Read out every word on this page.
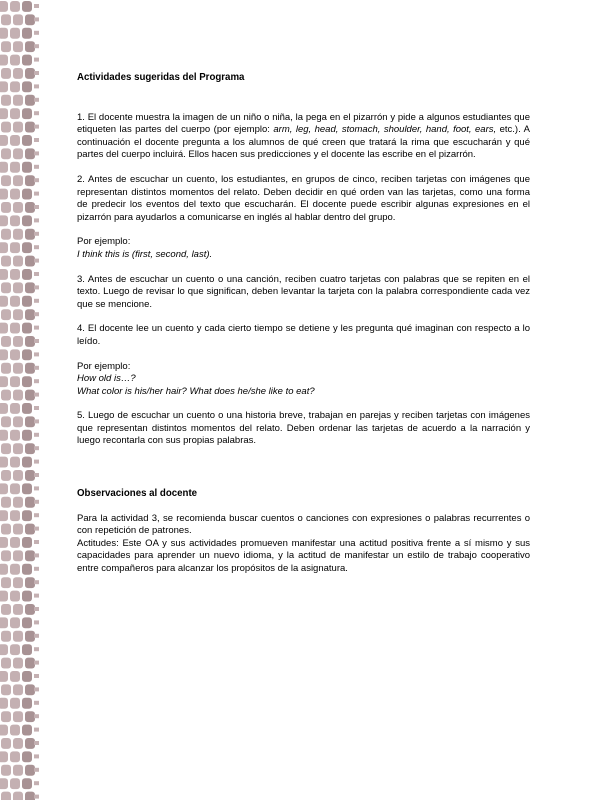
Actividades sugeridas del Programa

1. El docente muestra la imagen de un niño o niña, la pega en el pizarrón y pide a algunos estudiantes que etiqueten las partes del cuerpo (por ejemplo: arm, leg, head, stomach, shoulder, hand, foot, ears, etc.). A continuación el docente pregunta a los alumnos de qué creen que tratará la rima que escucharán y qué partes del cuerpo incluirá. Ellos hacen sus predicciones y el docente las escribe en el pizarrón.

2. Antes de escuchar un cuento, los estudiantes, en grupos de cinco, reciben tarjetas con imágenes que representan distintos momentos del relato. Deben decidir en qué orden van las tarjetas, como una forma de predecir los eventos del texto que escucharán. El docente puede escribir algunas expresiones en el pizarrón para ayudarlos a comunicarse en inglés al hablar dentro del grupo.

Por ejemplo:

I think this is (first, second, last).

3. Antes de escuchar un cuento o una canción, reciben cuatro tarjetas con palabras que se repiten en el texto. Luego de revisar lo que significan, deben levantar la tarjeta con la palabra correspondiente cada vez que se mencione.

4. El docente lee un cuento y cada cierto tiempo se detiene y les pregunta qué imaginan con respecto a lo leído.

Por ejemplo:

How old is…?

What color is his/her hair? What does he/she like to eat?

5. Luego de escuchar un cuento o una historia breve, trabajan en parejas y reciben tarjetas con imágenes que representan distintos momentos del relato. Deben ordenar las tarjetas de acuerdo a la narración y luego recontarla con sus propias palabras.

Observaciones al docente

Para la actividad 3, se recomienda buscar cuentos o canciones con expresiones o palabras recurrentes o con repetición de patrones.

Actitudes: Este OA y sus actividades promueven manifestar una actitud positiva frente a sí mismo y sus capacidades para aprender un nuevo idioma, y la actitud de manifestar un estilo de trabajo cooperativo entre compañeros para alcanzar los propósitos de la asignatura.
